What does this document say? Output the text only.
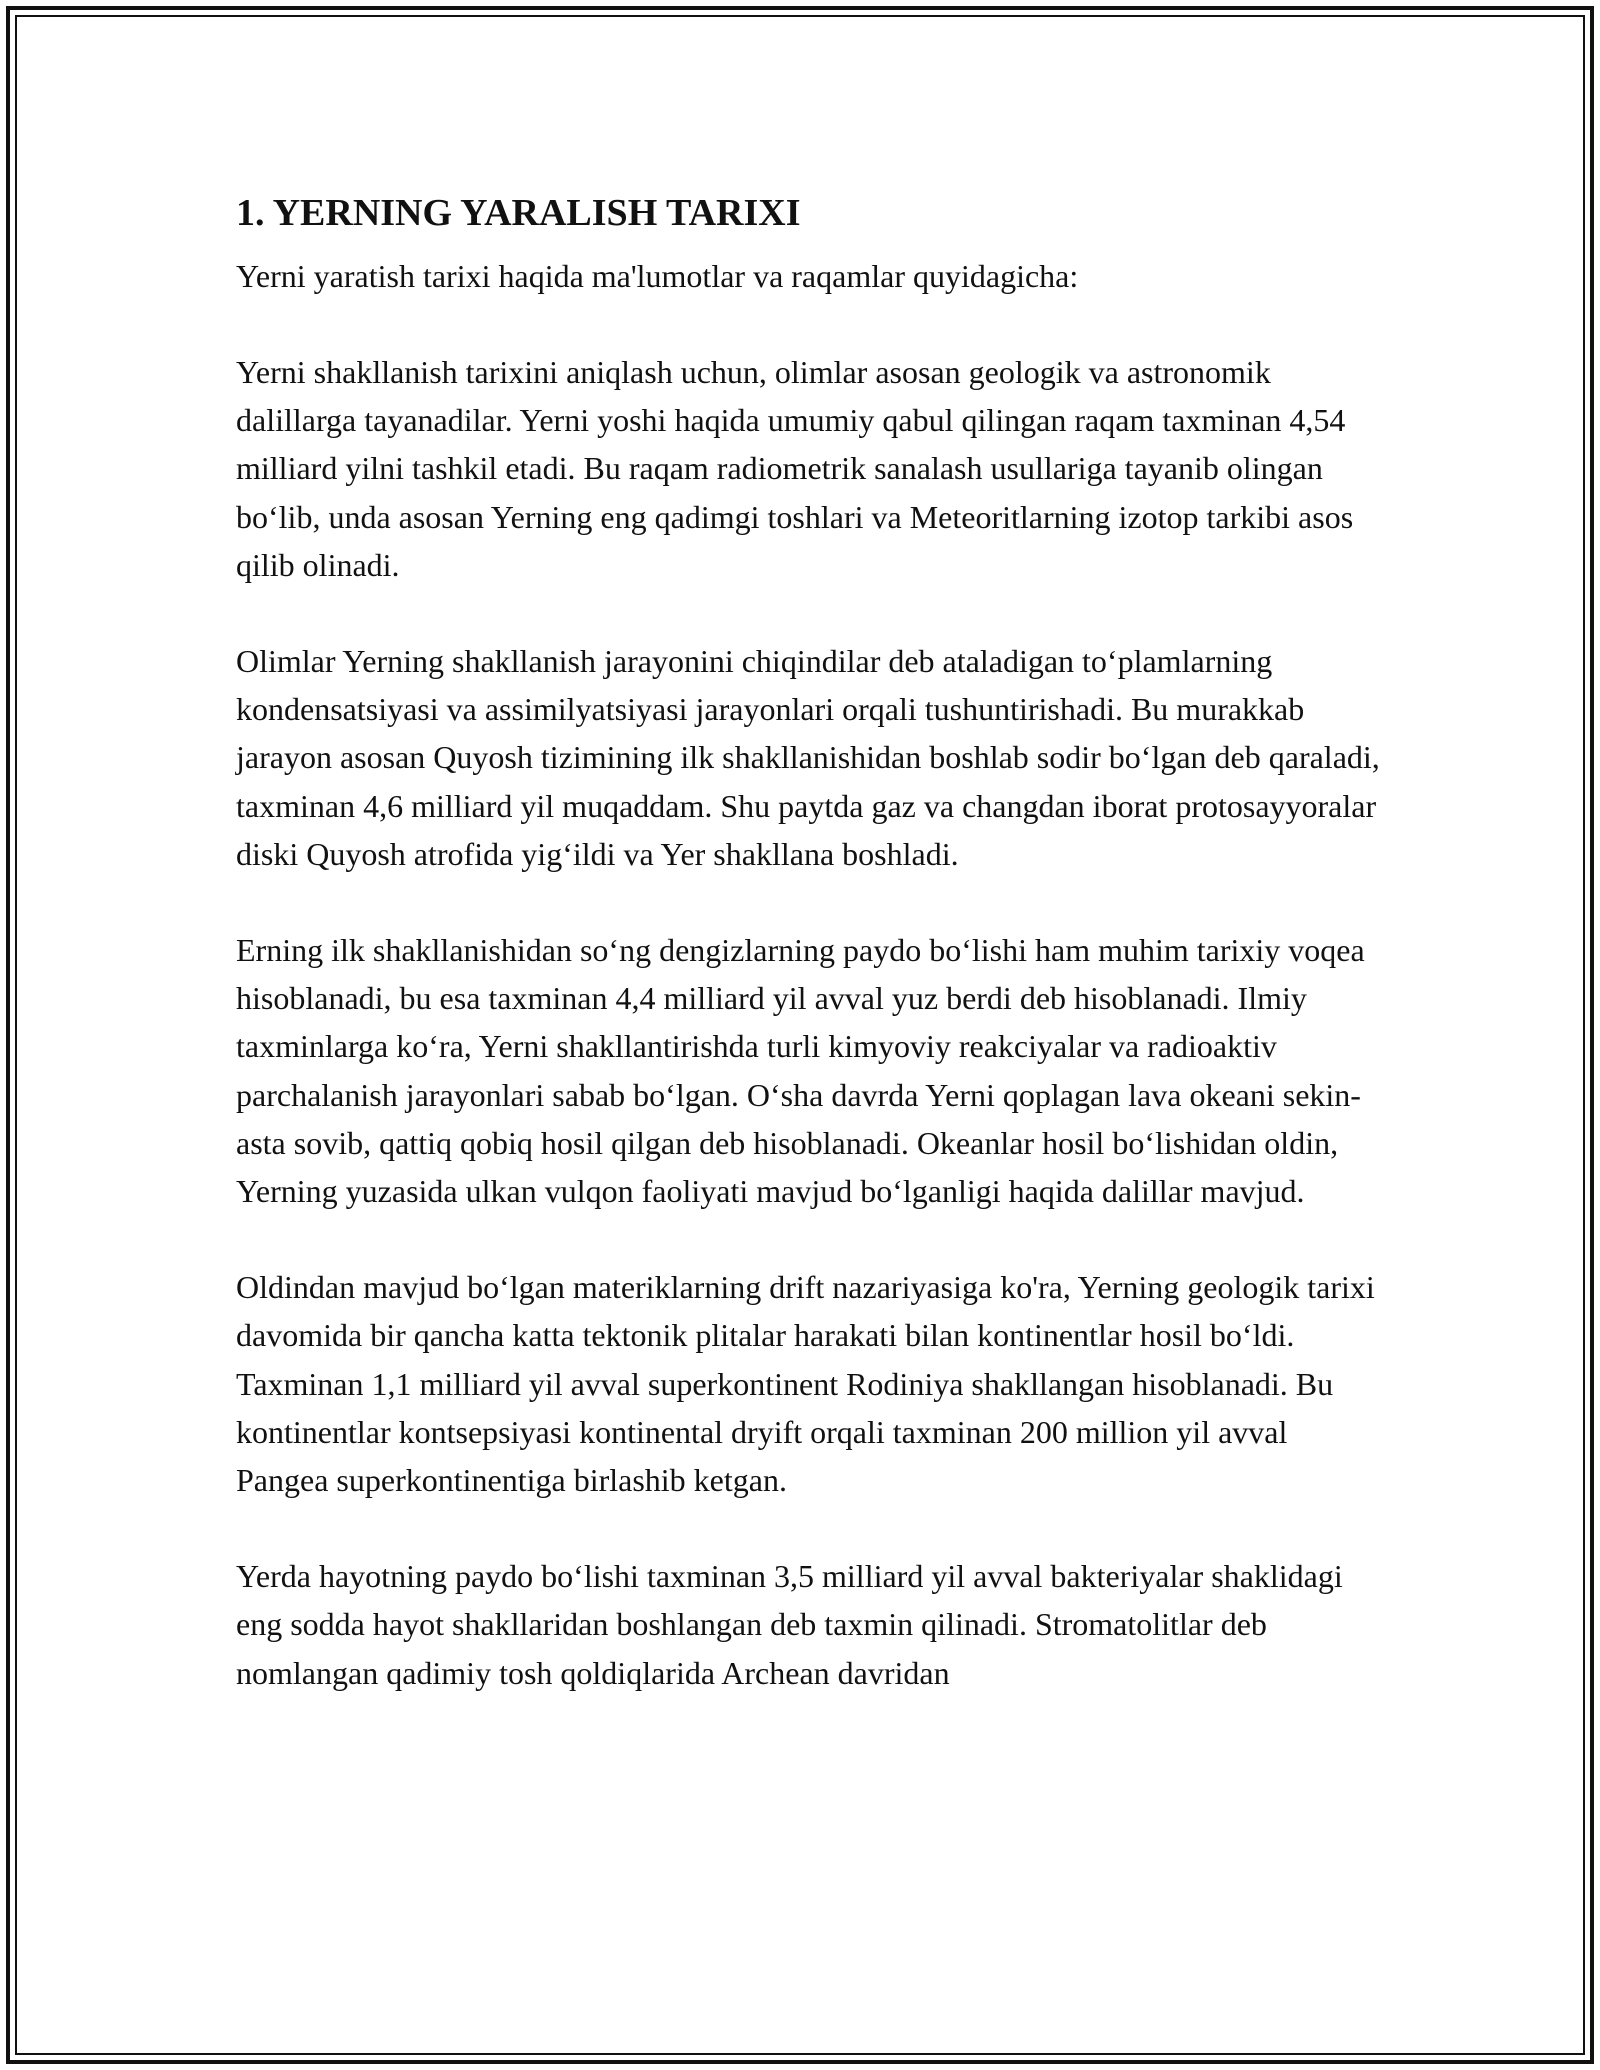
1. YERNING YARALISH TARIXI

Yerni yaratish tarixi haqida ma'lumotlar va raqamlar quyidagicha:

Yerni shakllanish tarixini aniqlash uchun, olimlar asosan geologik va astronomik dalillarga tayanadilar. Yerni yoshi haqida umumiy qabul qilingan raqam taxminan 4,54 milliard yilni tashkil etadi. Bu raqam radiometrik sanalash usullariga tayanib olingan bo‘lib, unda asosan Yerning eng qadimgi toshlari va Meteoritlarning izotop tarkibi asos qilib olinadi.

Olimlar Yerning shakllanish jarayonini chiqindilar deb ataladigan to‘plamlarning kondensatsiyasi va assimilyatsiyasi jarayonlari orqali tushuntirishadi. Bu murakkab jarayon asosan Quyosh tizimining ilk shakllanishidan boshlab sodir bo‘lgan deb qaraladi, taxminan 4,6 milliard yil muqaddam. Shu paytda gaz va changdan iborat protosayyoralar diski Quyosh atrofida yig‘ildi va Yer shakllana boshladi.

Erning ilk shakllanishidan so‘ng dengizlarning paydo bo‘lishi ham muhim tarixiy voqea hisoblanadi, bu esa taxminan 4,4 milliard yil avval yuz berdi deb hisoblanadi. Ilmiy taxminlarga ko‘ra, Yerni shakllantirishda turli kimyoviy reakciyalar va radioaktiv parchalanish jarayonlari sabab bo‘lgan. O‘sha davrda Yerni qoplagan lava okeani sekin-asta sovib, qattiq qobiq hosil qilgan deb hisoblanadi. Okeanlar hosil bo‘lishidan oldin, Yerning yuzasida ulkan vulqon faoliyati mavjud bo‘lganligi haqida dalillar mavjud.

Oldindan mavjud bo‘lgan materiklarning drift nazariyasiga ko'ra, Yerning geologik tarixi davomida bir qancha katta tektonik plitalar harakati bilan kontinentlar hosil bo‘ldi. Taxminan 1,1 milliard yil avval superkontinent Rodiniya shakllangan hisoblanadi. Bu kontinentlar kontsepsiyasi kontinental dryift orqali taxminan 200 million yil avval Pangea superkontinentiga birlashib ketgan.

Yerda hayotning paydo bo‘lishi taxminan 3,5 milliard yil avval bakteriyalar shaklidagi eng sodda hayot shakllaridan boshlangan deb taxmin qilinadi. Stromatolitlar deb nomlangan qadimiy tosh qoldiqlarida Archean davridan
